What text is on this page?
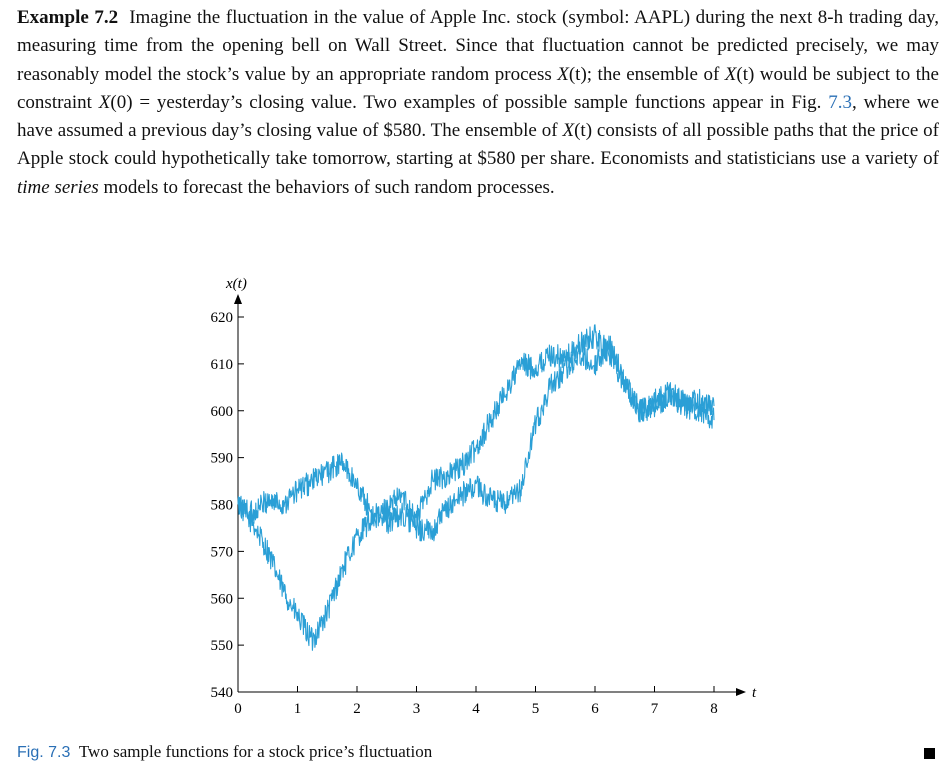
Example 7.2 Imagine the fluctuation in the value of Apple Inc. stock (symbol: AAPL) during the next 8-h trading day, measuring time from the opening bell on Wall Street. Since that fluctuation cannot be predicted precisely, we may reasonably model the stock’s value by an appropriate random process X(t); the ensemble of X(t) would be subject to the constraint X(0) = yesterday’s closing value. Two examples of possible sample functions appear in Fig. 7.3, where we have assumed a previous day’s closing value of $580. The ensemble of X(t) consists of all possible paths that the price of Apple stock could hypothetically take tomorrow, starting at $580 per share. Economists and statisticians use a variety of time series models to forecast the behaviors of such random processes.
t
x(t)
0	1	2	3	4	5	6	7	8
620
610
600
590
580
570
560
550
540
Fig. 7.3 Two sample functions for a stock price’s fluctuation
